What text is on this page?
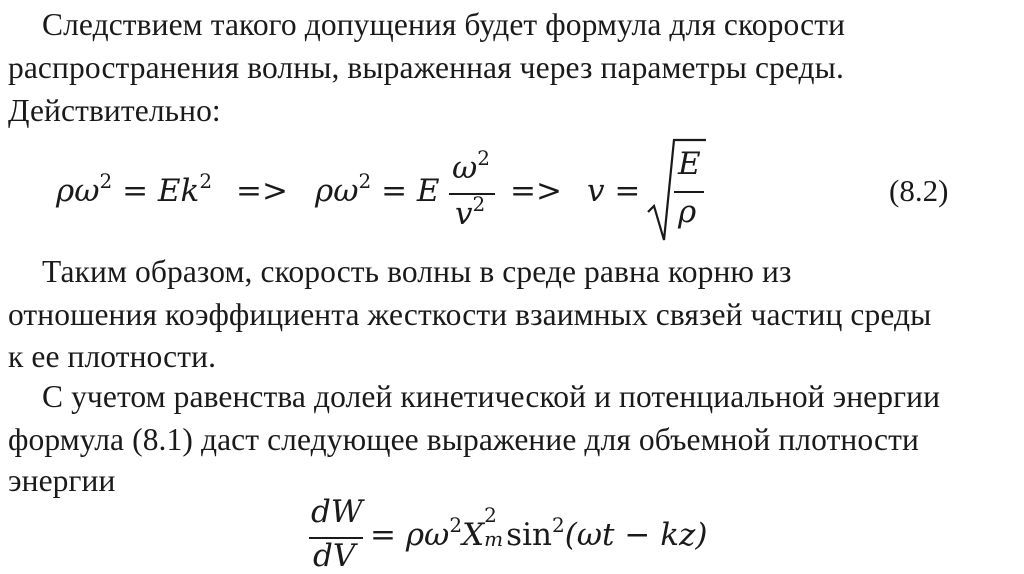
Следствием такого допущения будет формула для скорости
распространения волны, выраженная через параметры среды.
Действительно:
$\rho\omega^2 = Ek^2 => \rho\omega^2 = E$
$\omega^2$
$v^2 => v$ =
E
ρ
(8.2)
Таким образом, скорость волны в среде равна корню из
отношения коэффициента жесткости взаимных связей частиц среды
к ее плотности.
С учетом равенства долей кинетической и потенциальной энергии
формула (8.1) даст следующее выражение для объемной плотности
энергии
dW
dV
= $\rho\omega^2X$
2
m $\sin^2(\omega t - kz)$
